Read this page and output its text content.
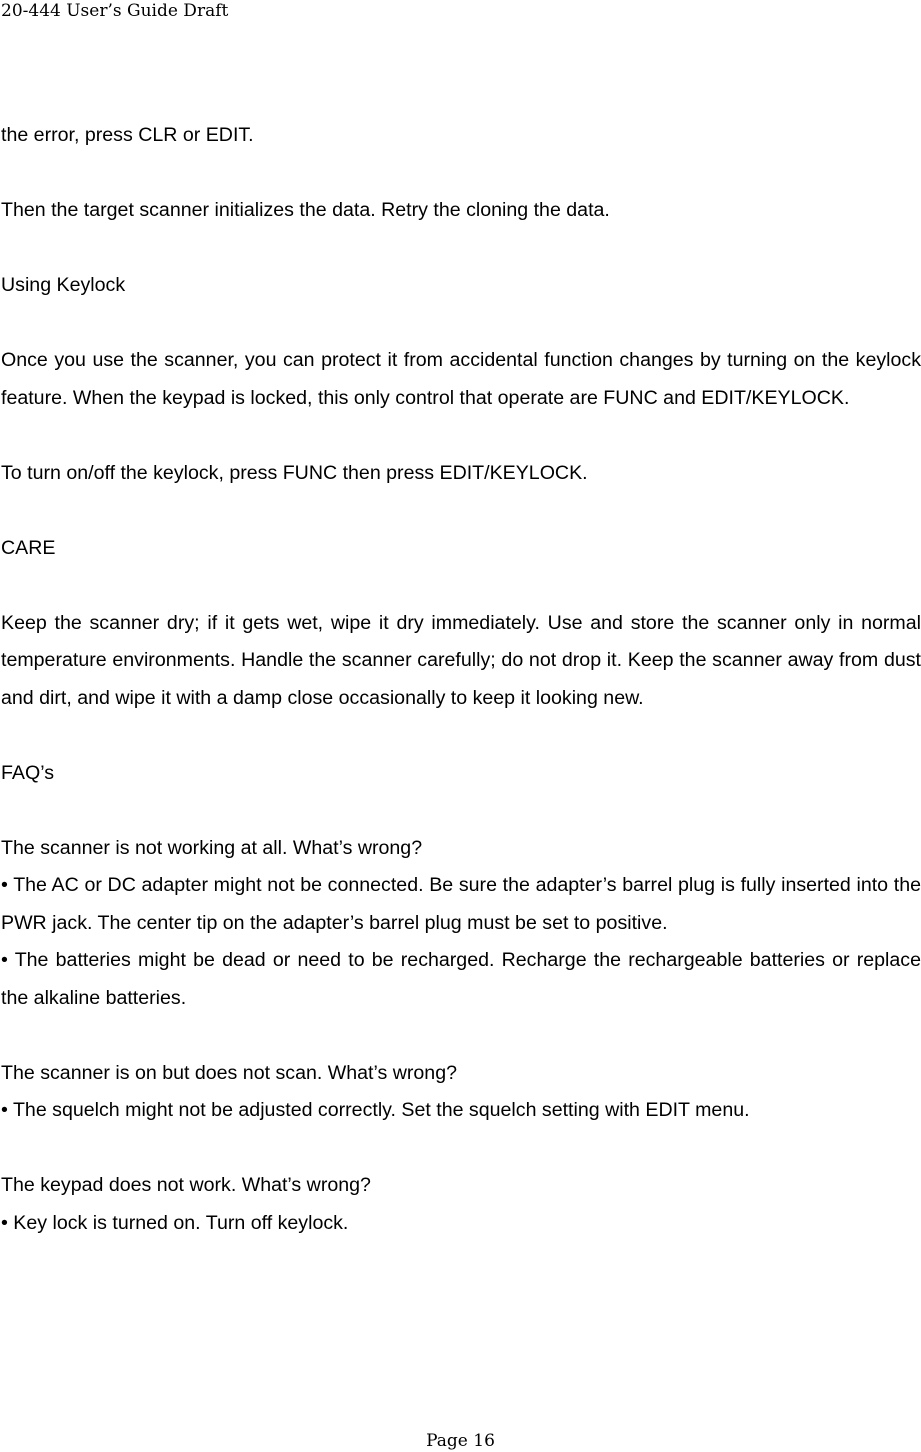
20-444 User’s Guide Draft

the error, press CLR or EDIT.

Then the target scanner initializes the data. Retry the cloning the data.

Using Keylock

Once you use the scanner, you can protect it from accidental function changes by turning on the keylock feature. When the keypad is locked, this only control that operate are FUNC and EDIT/KEYLOCK.

To turn on/off the keylock, press FUNC then press EDIT/KEYLOCK.

CARE

Keep the scanner dry; if it gets wet, wipe it dry immediately. Use and store the scanner only in normal temperature environments. Handle the scanner carefully; do not drop it. Keep the scanner away from dust and dirt, and wipe it with a damp close occasionally to keep it looking new.

FAQ’s

The scanner is not working at all. What’s wrong?

• The AC or DC adapter might not be connected. Be sure the adapter’s barrel plug is fully inserted into the PWR jack. The center tip on the adapter’s barrel plug must be set to positive.

• The batteries might be dead or need to be recharged. Recharge the rechargeable batteries or replace the alkaline batteries.

The scanner is on but does not scan. What’s wrong?

• The squelch might not be adjusted correctly. Set the squelch setting with EDIT menu.

The keypad does not work. What’s wrong?

• Key lock is turned on. Turn off keylock.

Page 16
